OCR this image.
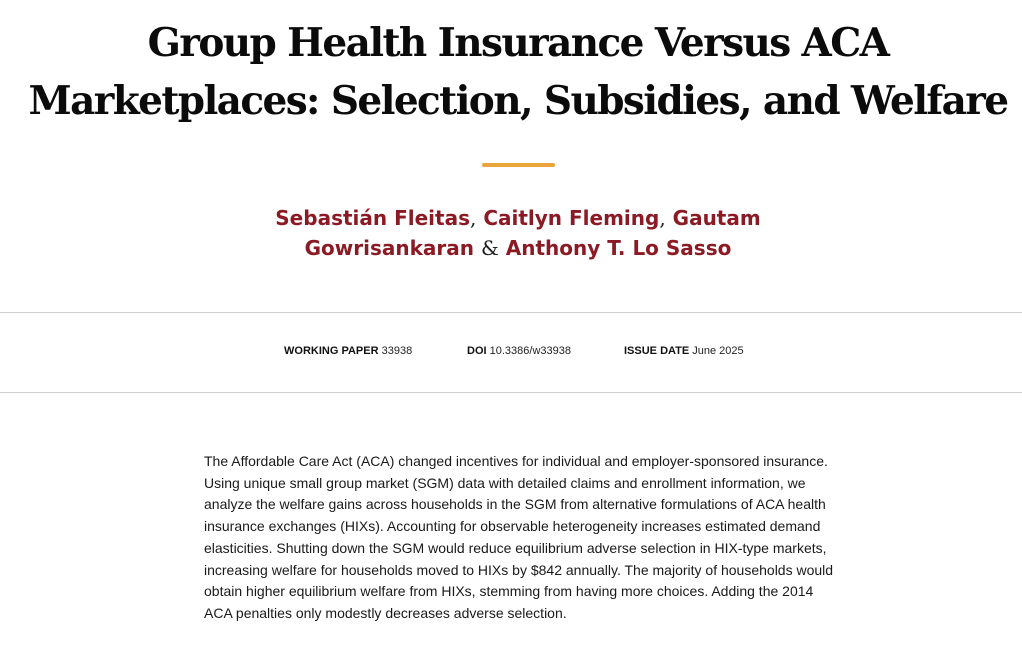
Group Health Insurance Versus ACA
Marketplaces: Selection, Subsidies, and Welfare
Sebastián Fleitas, Caitlyn Fleming, Gautam
Gowrisankaran & Anthony T. Lo Sasso
WORKING PAPER 33938	DOI 10.3386/w33938	ISSUE DATE June 2025

The Affordable Care Act (ACA) changed incentives for individual and employer-sponsored insurance. Using unique small group market (SGM) data with detailed claims and enrollment information, we analyze the welfare gains across households in the SGM from alternative formulations of ACA health insurance exchanges (HIXs). Accounting for observable heterogeneity increases estimated demand elasticities. Shutting down the SGM would reduce equilibrium adverse selection in HIX-type markets, increasing welfare for households moved to HIXs by $842 annually. The majority of households would obtain higher equilibrium welfare from HIXs, stemming from having more choices. Adding the 2014 ACA penalties only modestly decreases adverse selection.
